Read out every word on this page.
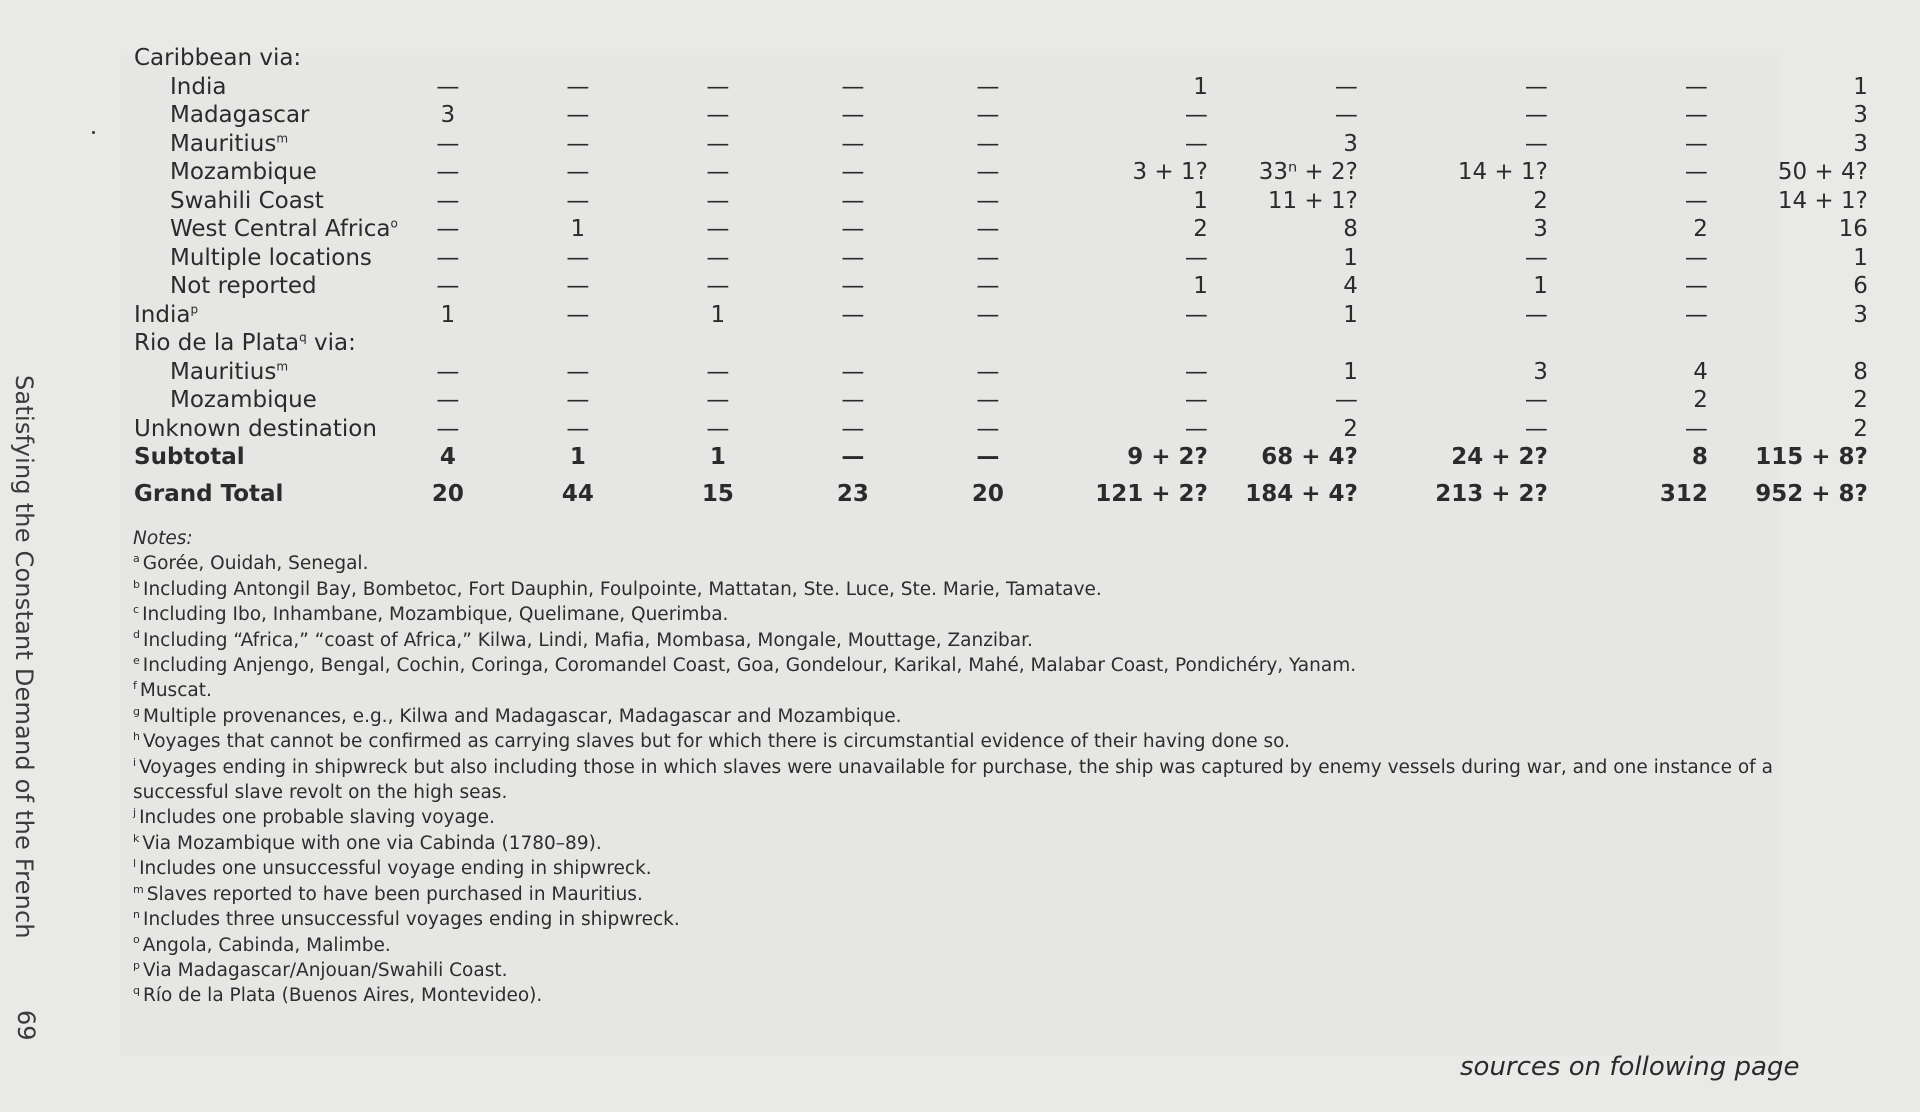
Satisfying the Constant Demand of the French
69
Caribbean via:										
India	—	—	—	—	—	1	—	—	—	1
Madagascar	3	—	—	—	—	—	—	—	—	3
Mauritius$^m$	—	—	—	—	—	—	3	—	—	3
Mozambique	—	—	—	—	—	3 + 1?	33ⁿ + 2?	14 + 1?	—	50 + 4?
Swahili Coast	—	—	—	—	—	1	11 + 1?	2	—	14 + 1?
West Central Africa$^o$	—	1	—	—	—	2	8	3	2	16
Multiple locations	—	—	—	—	—	—	1	—	—	1
Not reported	—	—	—	—	—	1	4	1	—	6
India$^p$	1	—	1	—	—	—	1	—	—	3
Rio de la Plata$^q$ via:										
Mauritius$^m$	—	—	—	—	—	—	1	3	4	8
Mozambique	—	—	—	—	—	—	—	—	2	2
Unknown destination	—	—	—	—	—	—	2	—	—	2
Subtotal	4	1	1	—	—	9 + 2?	68 + 4?	24 + 2?	8	115 + 8?
Grand Total	20	44	15	23	20	121 + 2?	184 + 4?	213 + 2?	312	952 + 8?
Notes:
$^a$ Gorée, Ouidah, Senegal.
$^b$ Including Antongil Bay, Bombetoc, Fort Dauphin, Foulpointe, Mattatan, Ste. Luce, Ste. Marie, Tamatave.
$^c$ Including Ibo, Inhambane, Mozambique, Quelimane, Querimba.
$^d$ Including “Africa,” “coast of Africa,” Kilwa, Lindi, Mafia, Mombasa, Mongale, Mouttage, Zanzibar.
$^e$ Including Anjengo, Bengal, Cochin, Coringa, Coromandel Coast, Goa, Gondelour, Karikal, Mahé, Malabar Coast, Pondichéry, Yanam.
$^f$ Muscat.
$^g$ Multiple provenances, e.g., Kilwa and Madagascar, Madagascar and Mozambique.
$^h$ Voyages that cannot be confirmed as carrying slaves but for which there is circumstantial evidence of their having done so.
$^i$ Voyages ending in shipwreck but also including those in which slaves were unavailable for purchase, the ship was captured by enemy vessels during war, and one instance of a successful slave revolt on the high seas.
$^j$ Includes one probable slaving voyage.
$^k$ Via Mozambique with one via Cabinda (1780–89).
$^l$ Includes one unsuccessful voyage ending in shipwreck.
$^m$ Slaves reported to have been purchased in Mauritius.
$^n$ Includes three unsuccessful voyages ending in shipwreck.
$^o$ Angola, Cabinda, Malimbe.
$^p$ Via Madagascar/Anjouan/Swahili Coast.
$^q$ Río de la Plata (Buenos Aires, Montevideo).
sources on following page
